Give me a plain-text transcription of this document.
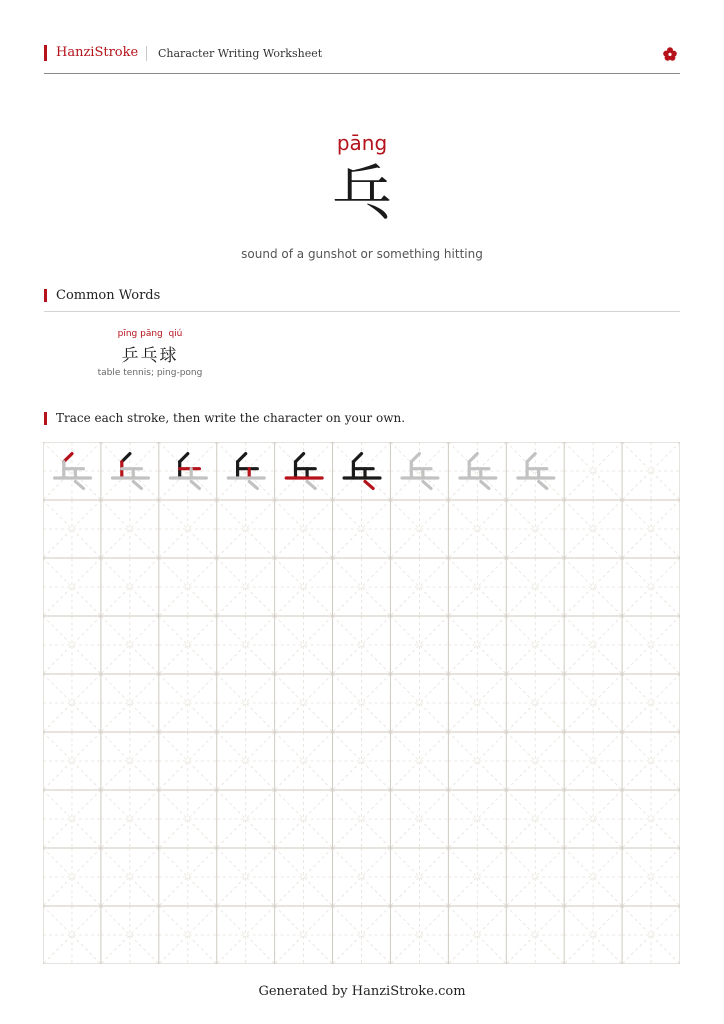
HanziStroke Character Writing Worksheet
pāng
乓
sound of a gunshot or something hitting
Common Words
pīng pāng  qiú
乒乓球
table tennis; ping-pong
Trace each stroke, then write the character on your own.
Generated by HanziStroke.com
